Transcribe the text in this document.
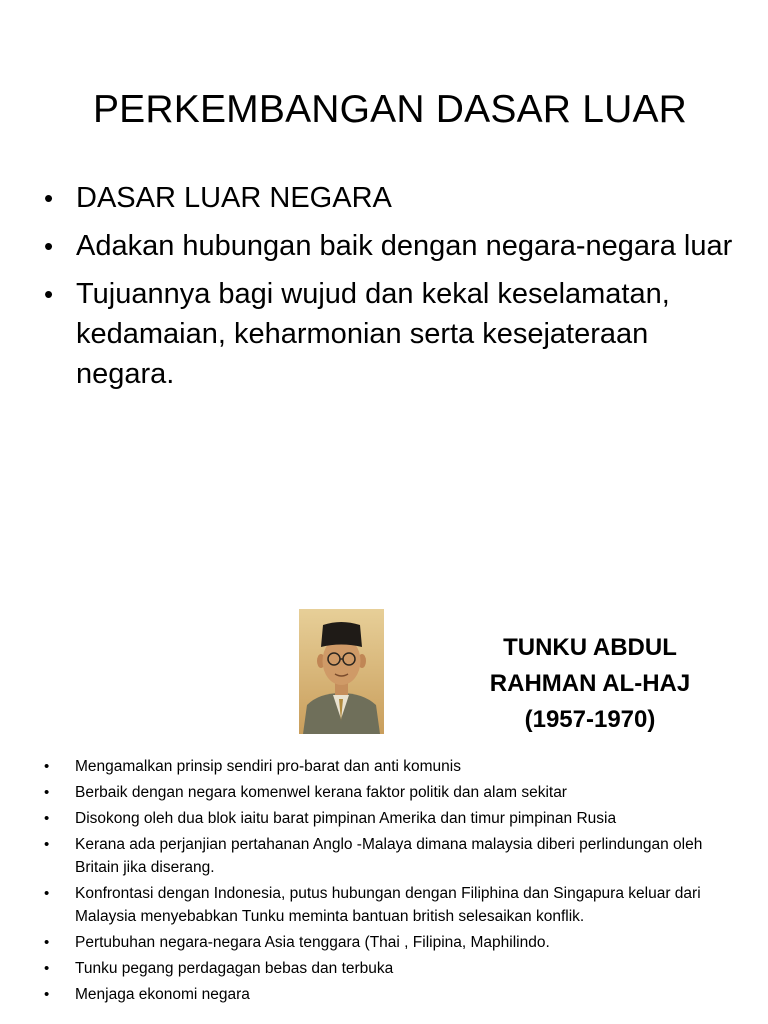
PERKEMBANGAN DASAR LUAR
• DASAR LUAR NEGARA
• Adakan hubungan baik dengan negara-negara luar
• Tujuannya bagi wujud dan kekal keselamatan, kedamaian, keharmonian serta kesejateraan negara.
TUNKU ABDUL
RAHMAN AL-HAJ
(1957-1970)
•	Mengamalkan prinsip sendiri pro-barat dan anti komunis
•	Berbaik dengan negara komenwel kerana faktor politik dan alam sekitar
•	Disokong oleh dua blok iaitu barat pimpinan Amerika dan timur pimpinan Rusia
•	Kerana ada perjanjian pertahanan Anglo -Malaya dimana malaysia diberi perlindungan oleh Britain jika diserang.
•	Konfrontasi dengan Indonesia, putus hubungan dengan Filiphina dan Singapura keluar dari Malaysia menyebabkan Tunku meminta bantuan british selesaikan konflik.
•	Pertubuhan negara-negara Asia tenggara (Thai , Filipina, Maphilindo.
•	Tunku pegang perdagagan bebas dan terbuka
•	Menjaga ekonomi negara
